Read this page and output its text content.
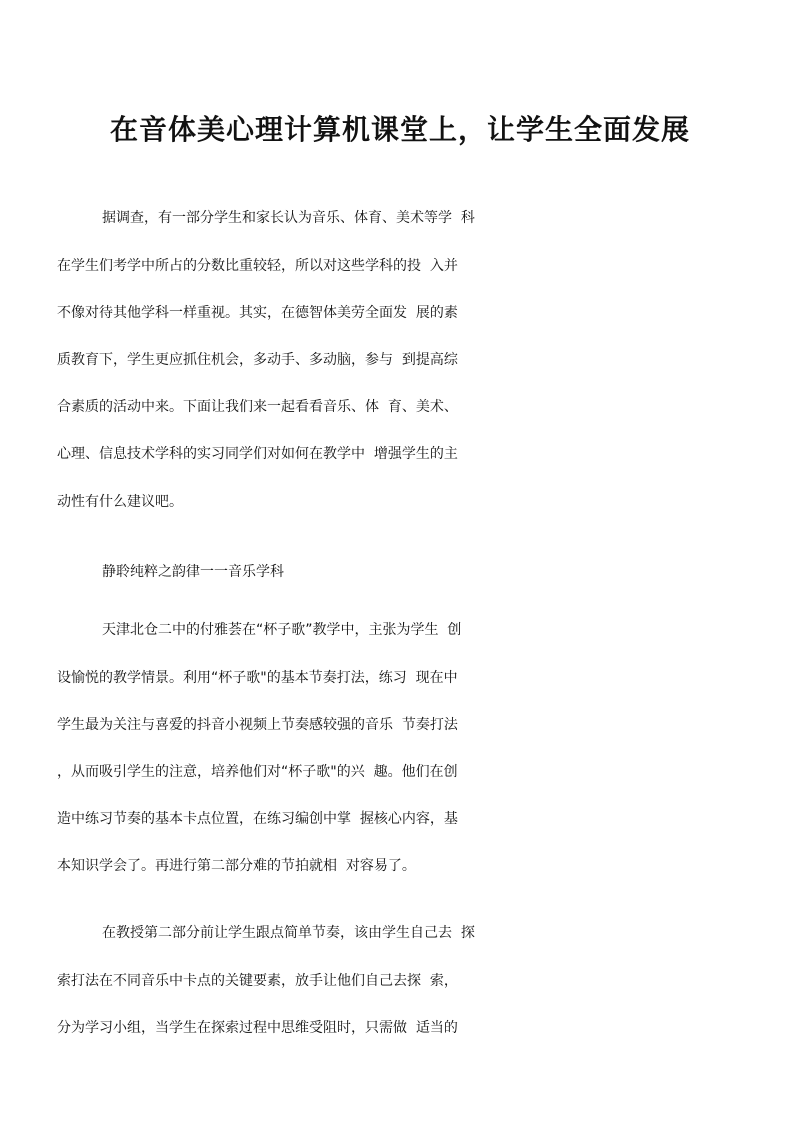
在音体美心理计算机课堂上，让学生全面发展
据调查，有一部分学生和家长认为音乐、体育、美术等学  科
在学生们考学中所占的分数比重较轻，所以对这些学科的投  入并
不像对待其他学科一样重视。其实，在德智体美劳全面发  展的素
质教育下，学生更应抓住机会，多动手、多动脑，参与  到提高综
合素质的活动中来。下面让我们来一起看看音乐、体  育、美术、
心理、信息技术学科的实习同学们对如何在教学中  增强学生的主
动性有什么建议吧。
静聆纯粹之韵律一一音乐学科
天津北仓二中的付雅荟在“杯子歌”教学中，主张为学生  创
设愉悦的教学情景。利用“杯子歌"的基本节奏打法，练习  现在中
学生最为关注与喜爱的抖音小视频上节奏感较强的音乐  节奏打法
，从而吸引学生的注意，培养他们对“杯子歌"的兴  趣。他们在创
造中练习节奏的基本卡点位置，在练习编创中掌  握核心内容，基
本知识学会了。再进行第二部分难的节拍就相  对容易了。
在教授第二部分前让学生跟点简单节奏，该由学生自己去  探
索打法在不同音乐中卡点的关键要素，放手让他们自己去探  索，
分为学习小组，当学生在探索过程中思维受阻时，只需做  适当的
